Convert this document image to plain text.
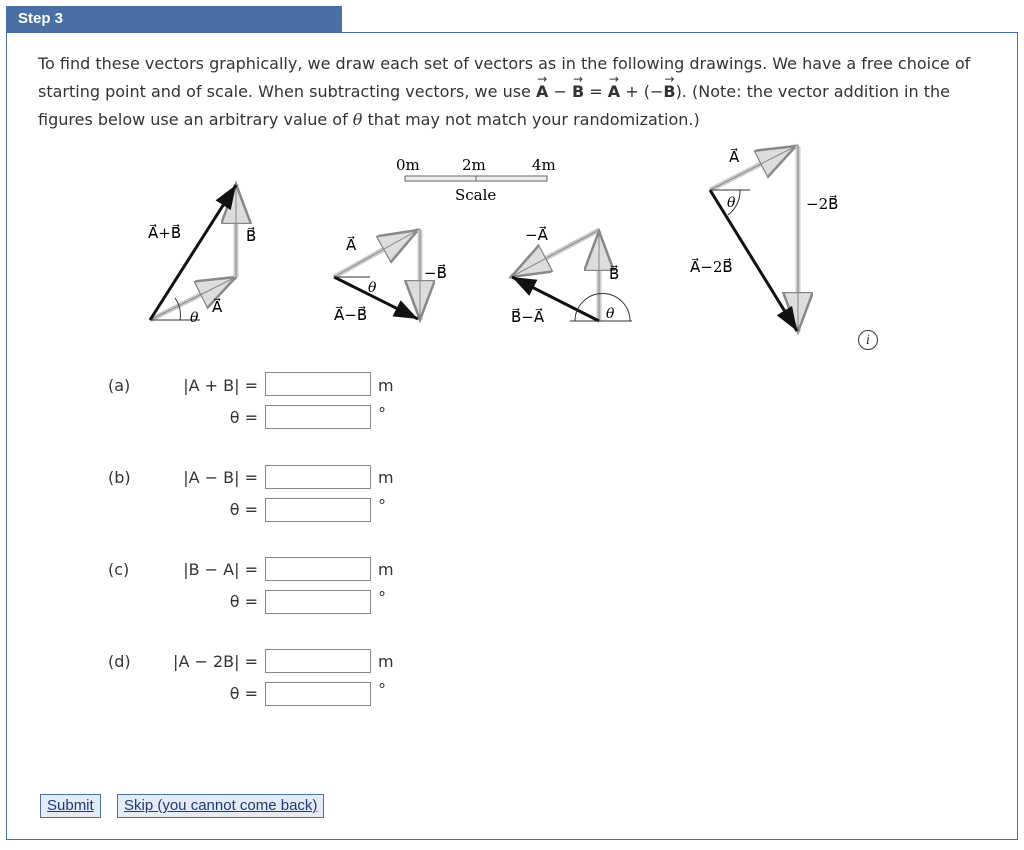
Step 3
To find these vectors graphically, we draw each set of vectors as in the following drawings. We have a free choice of starting point and of scale. When subtracting vectors, we use → A − → B = → A + (−→ B). (Note: the vector addition in the figures below use an arbitrary value of θ that may not match your randomization.)
A⃗+B⃗	B⃗
A⃗
θ
0m	2m	4m
Scale
A⃗
−B⃗
A⃗−B⃗
θ
−A⃗
B⃗
B⃗−A⃗	θ
A⃗
−2B⃗
A⃗−2B⃗
θ
i
(a)	|A + B| =	m
θ =	°
(b)	|A − B| =	m
θ =	°
(c)	|B − A| =	m
θ =	°
(d)	|A − 2B| =	m
θ =	°
Submit	Skip (you cannot come back)
